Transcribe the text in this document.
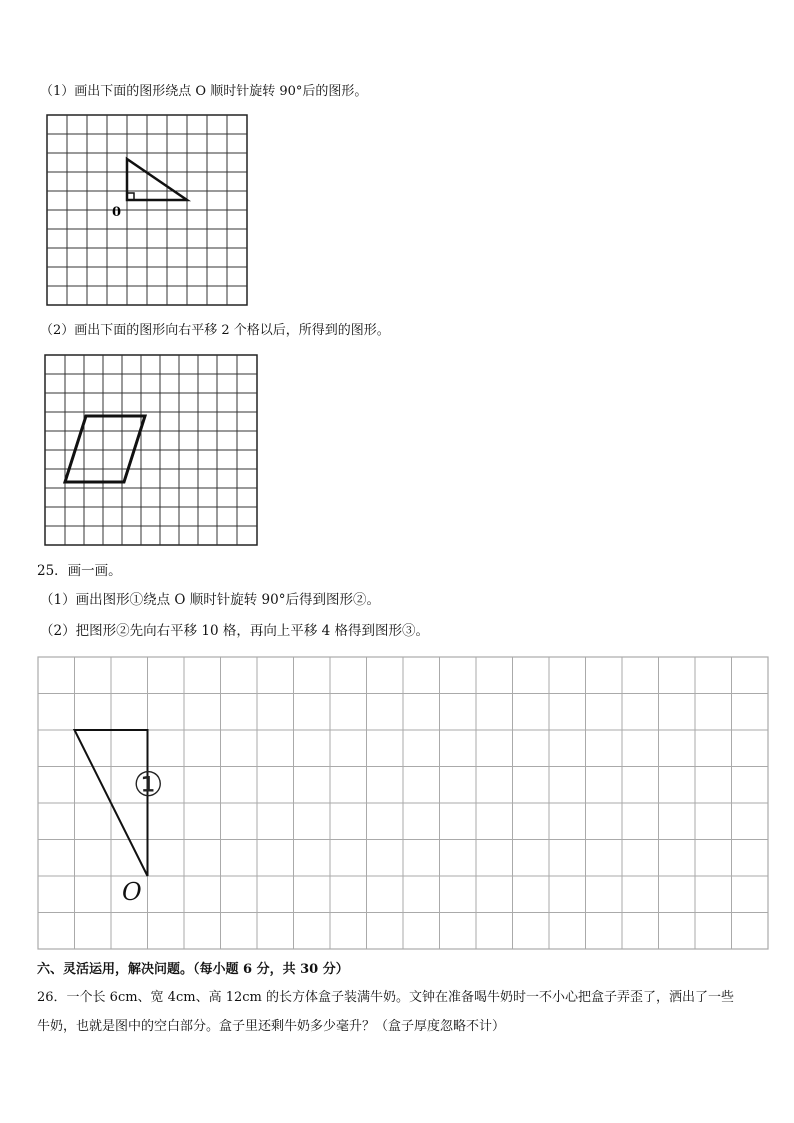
（1）画出下面的图形绕点 O 顺时针旋转 90°后的图形。
0
（2）画出下面的图形向右平移 2 个格以后，所得到的图形。
25．画一画。
（1）画出图形①绕点 O 顺时针旋转 90°后得到图形②。
（2）把图形②先向右平移 10 格，再向上平移 4 格得到图形③。
①
O
六、灵活运用，解决问题。（每小题 6 分，共 30 分）
26．一个长 6cm、宽 4cm、高 12cm 的长方体盒子装满牛奶。文钟在准备喝牛奶时一不小心把盒子弄歪了，洒出了一些
牛奶，也就是图中的空白部分。盒子里还剩牛奶多少毫升？（盒子厚度忽略不计）
